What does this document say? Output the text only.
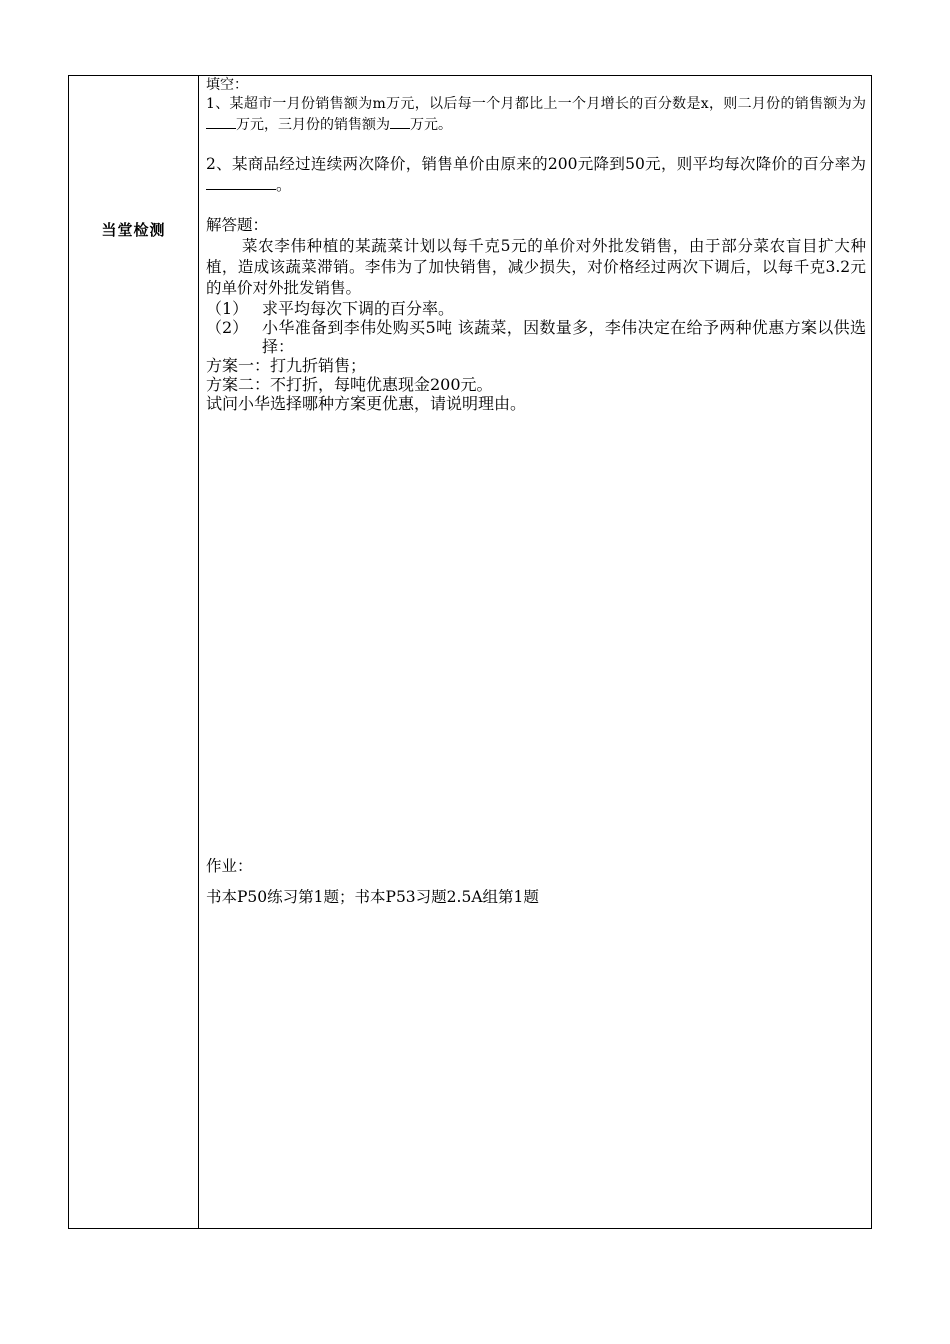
当堂检测
填空：
1、某超市一月份销售额为m万元，以后每一个月都比上一个月增长的百分数是x，则二月份的销售额为为万元，三月份的销售额为 万元。
2、某商品经过连续两次降价，销售单价由原来的200元降到50元，则平均每次降价的百分率为。
解答题：
菜农李伟种植的某蔬菜计划以每千克5元的单价对外批发销售，由于部分菜农盲目扩大种植，造成该蔬菜滞销。李伟为了加快销售，减少损失，对价格经过两次下调后，以每千克3.2元的单价对外批发销售。
（1） 求平均每次下调的百分率。
（2） 小华准备到李伟处购买5吨 该蔬菜，因数量多，李伟决定在给予两种优惠方案以供选择：
方案一：打九折销售；
方案二：不打折，每吨优惠现金200元。
试问小华选择哪种方案更优惠，请说明理由。
作业：
书本P50练习第1题；书本P53习题2.5A组第1题
